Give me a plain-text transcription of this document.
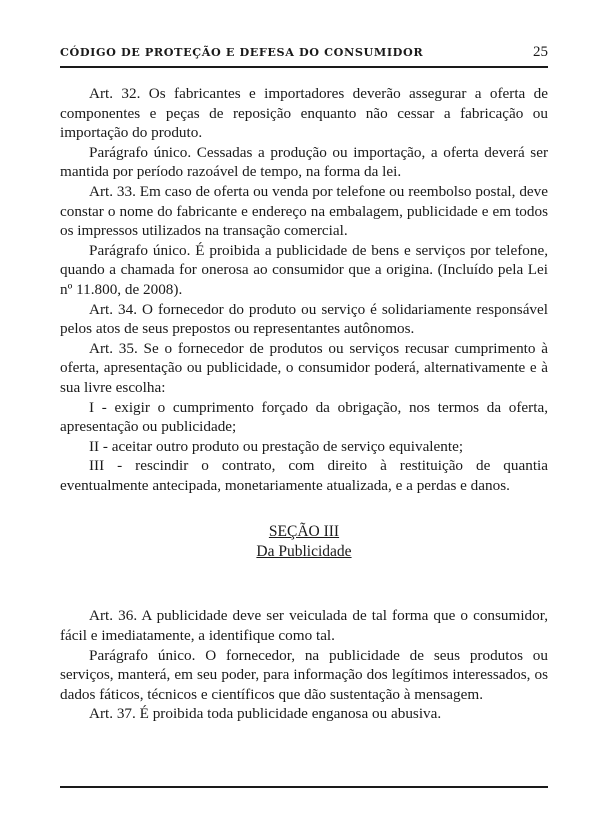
CÓDIGO DE PROTEÇÃO E DEFESA DO CONSUMIDOR	25

Art. 32. Os fabricantes e importadores deverão assegurar a oferta de componentes e peças de reposição enquanto não cessar a fabricação ou importação do produto.

Parágrafo único. Cessadas a produção ou importação, a oferta deverá ser mantida por período razoável de tempo, na forma da lei.

Art. 33. Em caso de oferta ou venda por telefone ou reembolso postal, deve constar o nome do fabricante e endereço na embalagem, publicidade e em todos os impressos utilizados na transação comercial.

Parágrafo único. É proibida a publicidade de bens e serviços por telefone, quando a chamada for onerosa ao consumidor que a origina. (Incluído pela Lei nº 11.800, de 2008).

Art. 34. O fornecedor do produto ou serviço é solidariamente responsável pelos atos de seus prepostos ou representantes autônomos.

Art. 35. Se o fornecedor de produtos ou serviços recusar cumprimento à oferta, apresentação ou publicidade, o consumidor poderá, alternativamente e à sua livre escolha:

I - exigir o cumprimento forçado da obrigação, nos termos da oferta, apresentação ou publicidade;

II - aceitar outro produto ou prestação de serviço equivalente;

III - rescindir o contrato, com direito à restituição de quantia eventualmente antecipada, monetariamente atualizada, e a perdas e danos.

SEÇÃO III
Da Publicidade

Art. 36. A publicidade deve ser veiculada de tal forma que o consumidor, fácil e imediatamente, a identifique como tal.

Parágrafo único. O fornecedor, na publicidade de seus produtos ou serviços, manterá, em seu poder, para informação dos legítimos interessados, os dados fáticos, técnicos e científicos que dão sustentação à mensagem.

Art. 37. É proibida toda publicidade enganosa ou abusiva.
